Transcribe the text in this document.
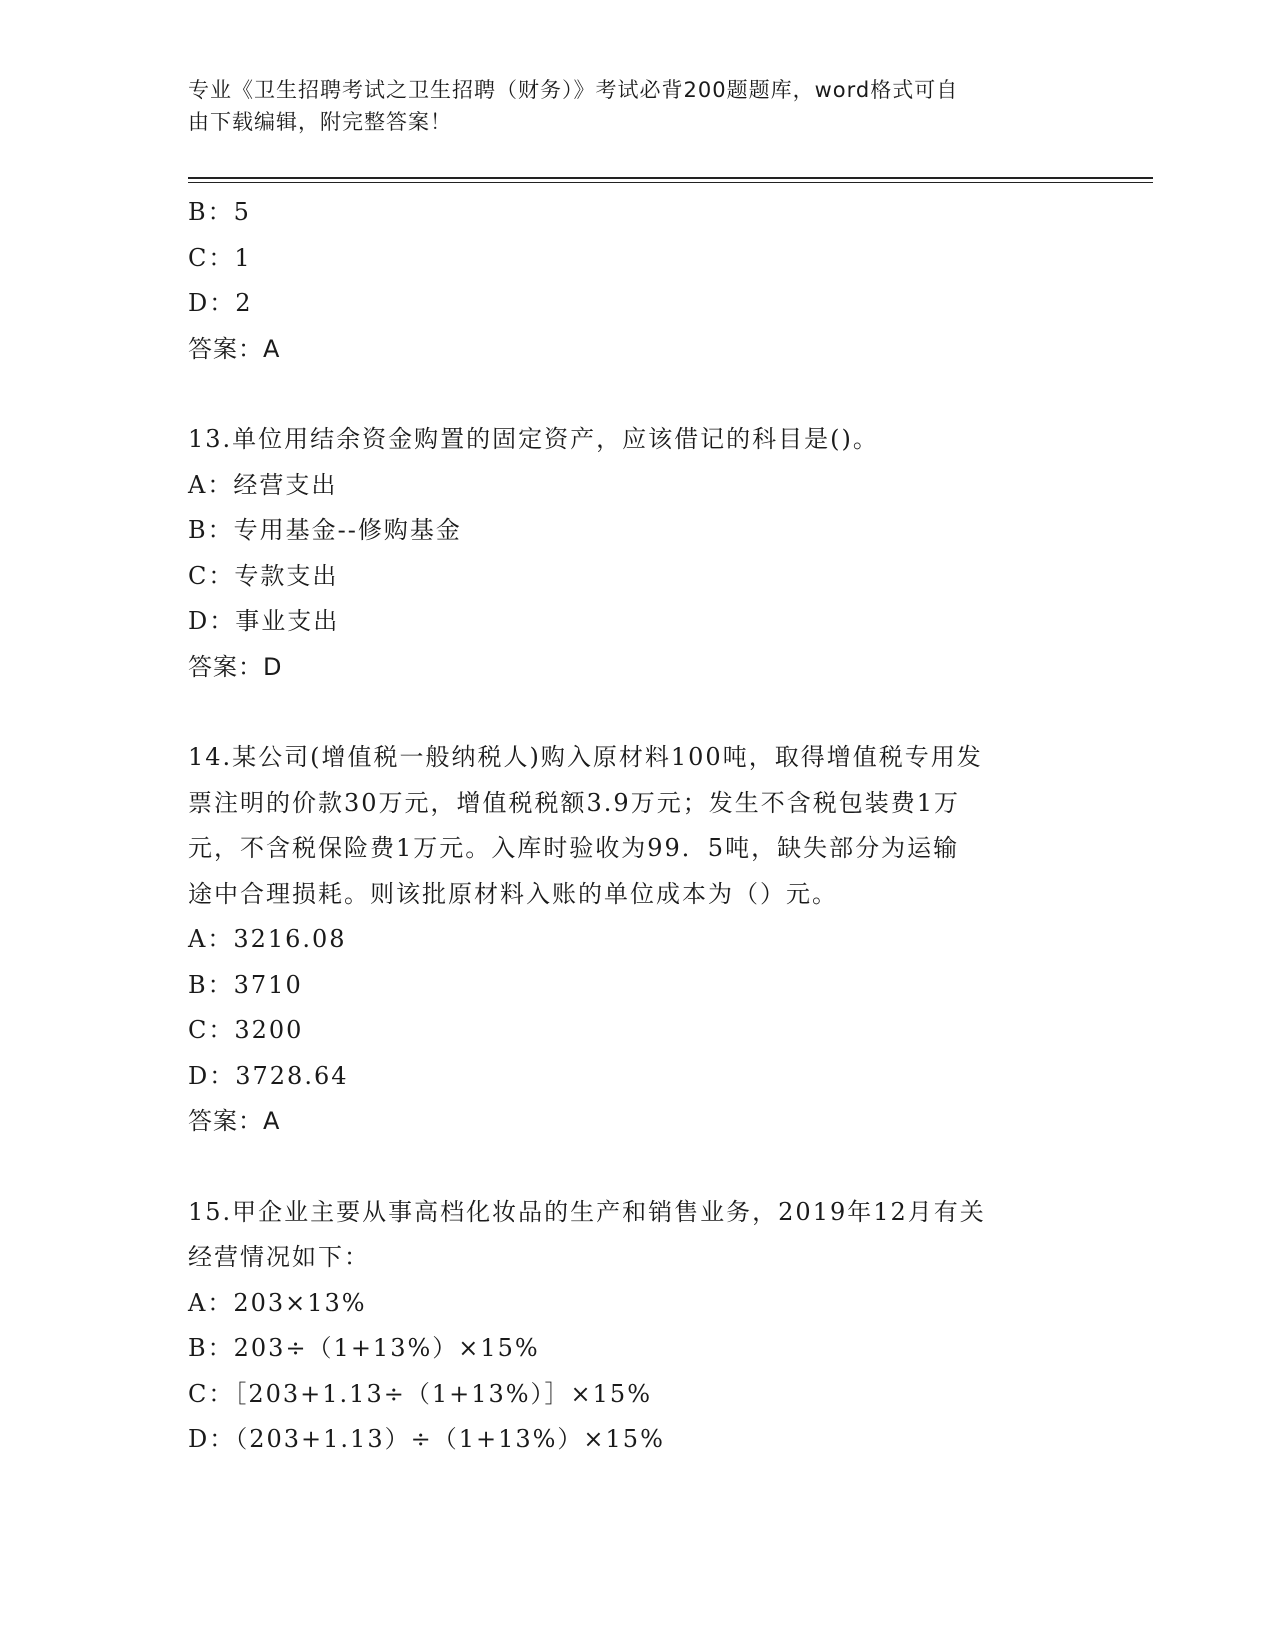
专业《卫生招聘考试之卫生招聘（财务）》考试必背200题题库，word格式可自
由下载编辑，附完整答案！
B：5
C：1
D：2
答案：A
13.单位用结余资金购置的固定资产，应该借记的科目是()。
A：经营支出
B：专用基金--修购基金
C：专款支出
D：事业支出
答案：D
14.某公司(增值税一般纳税人)购入原材料100吨，取得增值税专用发
票注明的价款30万元，增值税税额3.9万元；发生不含税包装费1万
元，不含税保险费1万元。入库时验收为99．5吨，缺失部分为运输
途中合理损耗。则该批原材料入账的单位成本为（）元。
A：3216.08
B：3710
C：3200
D：3728.64
答案：A
15.甲企业主要从事高档化妆品的生产和销售业务，2019年12月有关
经营情况如下：
A：203×13%
B：203÷（1+13%）×15%
C：［203+1.13÷（1+13%）］×15%
D：（203+1.13）÷（1+13%）×15%
